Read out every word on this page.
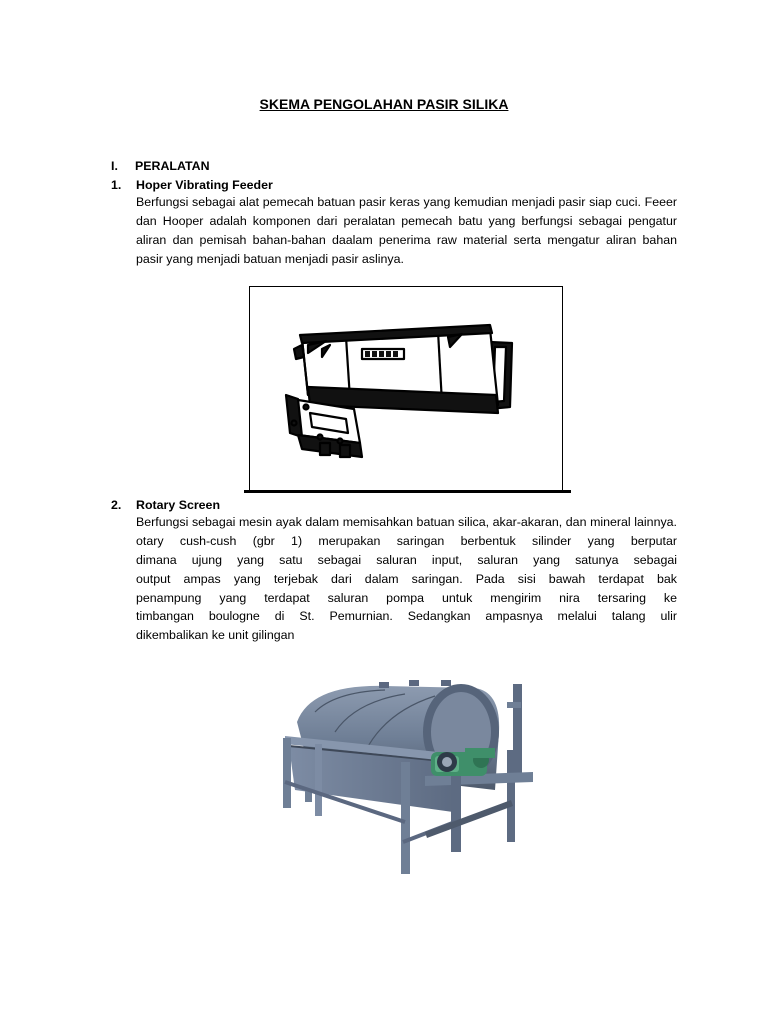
SKEMA PENGOLAHAN PASIR SILIKA
I. PERALATAN
1. Hoper Vibrating Feeder
Berfungsi sebagai alat pemecah batuan pasir keras yang kemudian menjadi pasir siap cuci. Feeer
dan Hooper adalah komponen dari peralatan pemecah batu yang berfungsi sebagai pengatur
aliran dan pemisah bahan-bahan daalam penerima raw material serta mengatur aliran bahan
pasir yang menjadi batuan menjadi pasir aslinya.
2. Rotary Screen
Berfungsi sebagai mesin ayak dalam memisahkan batuan silica, akar-akaran, dan mineral lainnya.
otary cush-cush (gbr 1) merupakan saringan berbentuk silinder yang berputar
dimana ujung yang satu sebagai saluran input, saluran yang satunya sebagai
output ampas yang terjebak dari dalam saringan. Pada sisi bawah terdapat bak
penampung yang terdapat saluran pompa untuk mengirim nira tersaring ke
timbangan boulogne di St. Pemurnian. Sedangkan ampasnya melalui talang ulir
dikembalikan ke unit gilingan
